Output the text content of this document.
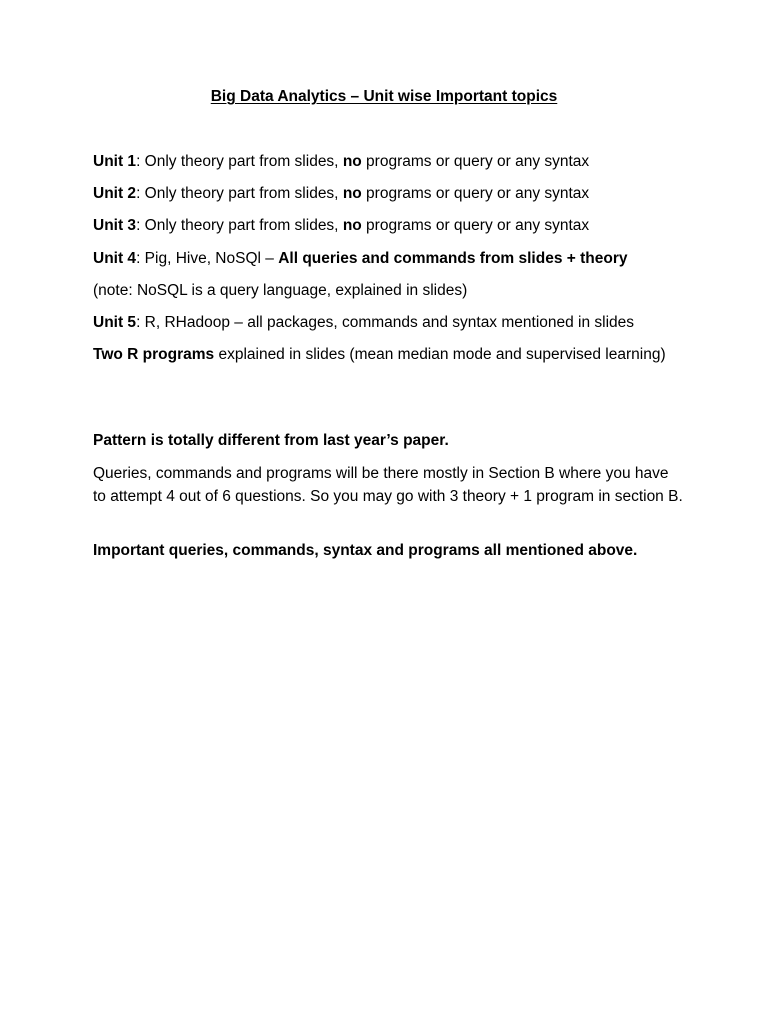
Big Data Analytics – Unit wise Important topics
Unit 1: Only theory part from slides, no programs or query or any syntax
Unit 2: Only theory part from slides, no programs or query or any syntax
Unit 3: Only theory part from slides, no programs or query or any syntax
Unit 4: Pig, Hive, NoSQl – All queries and commands from slides + theory
(note: NoSQL is a query language, explained in slides)
Unit 5: R, RHadoop – all packages, commands and syntax mentioned in slides
Two R programs explained in slides (mean median mode and supervised learning)
Pattern is totally different from last year’s paper.
Queries, commands and programs will be there mostly in Section B where you have to attempt 4 out of 6 questions. So you may go with 3 theory + 1 program in section B.
Important queries, commands, syntax and programs all mentioned above.
